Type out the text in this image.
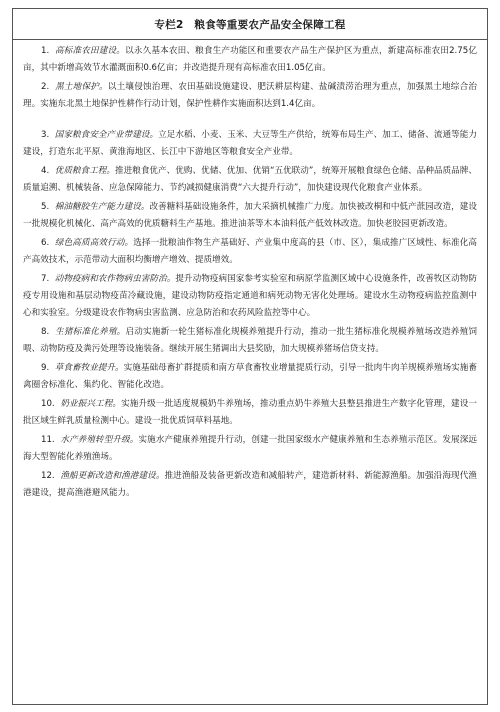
专栏2　粮食等重要农产品安全保障工程

1. 高标准农田建设。以永久基本农田、粮食生产功能区和重要农产品生产保护区为重点，新建高标准农田2.75亿亩，其中新增高效节水灌溉面积0.6亿亩；并改造提升现有高标准农田1.05亿亩。

2. 黑土地保护。以土壤侵蚀治理、农田基础设施建设、肥沃耕层构建、盐碱渍涝治理为重点，加强黑土地综合治理。实施东北黑土地保护性耕作行动计划，保护性耕作实施面积达到1.4亿亩。

3. 国家粮食安全产业带建设。立足水稻、小麦、玉米、大豆等生产供给，统筹布局生产、加工、储备、流通等能力建设，打造东北平原、黄淮海地区、长江中下游地区等粮食安全产业带。

4. 优质粮食工程。推进粮食优产、优购、优储、优加、优销“五优联动”，统筹开展粮食绿色仓储、品种品质品牌、质量追溯、机械装备、应急保障能力、节约减损健康消费“六大提升行动”，加快建设现代化粮食产业体系。

5. 棉油糖胶生产能力建设。改善糖料基础设施条件，加大采摘机械推广力度。加快被改桐和中低产蔗园改造，建设一批规模化机械化、高产高效的优质糖料生产基地。推进油茶等木本油料低产低效林改造。加快老胶园更新改造。

6. 绿色高质高效行动。选择一批粮油作物生产基础好、产业集中度高的县（市、区），集成推广区域性、标准化高产高效技术，示范带动大面积均衡增产增效、提质增效。

7. 动物疫病和农作物病虫害防治。提升动物疫病国家参考实验室和病原学监测区域中心设施条件，改善牧区动物防疫专用设施和基层动物疫苗冷藏设施，建设动物防疫指定通道和病死动物无害化处理场。建设水生动物疫病监控监测中心和实验室。分级建设农作物病虫害监测、应急防治和农药风险监控等中心。

8. 生猪标准化养殖。启动实施新一轮生猪标准化规模养殖提升行动，推动一批生猪标准化规模养殖场改造养殖饲喂、动物防疫及粪污处理等设施装备。继续开展生猪调出大县奖励，加大规模养猪场信贷支持。

9. 草食畜牧业提升。实施基础母畜扩群提质和南方草食畜牧业增量提质行动，引导一批肉牛肉羊规模养殖场实施畜禽圈舍标准化、集约化、智能化改造。

10. 奶业振兴工程。实施升级一批适度规模奶牛养殖场，推动重点奶牛养殖大县整县推进生产数字化管理，建设一批区域生鲜乳质量检测中心。建设一批优质饲草料基地。

11. 水产养殖转型升级。实施水产健康养殖提升行动，创建一批国家级水产健康养殖和生态养殖示范区。发展深远海大型智能化养殖渔场。

12. 渔船更新改造和渔港建设。推进渔船及装备更新改造和减船转产，建造新材料、新能源渔船。加强沿海现代渔港建设，提高渔港避风能力。
